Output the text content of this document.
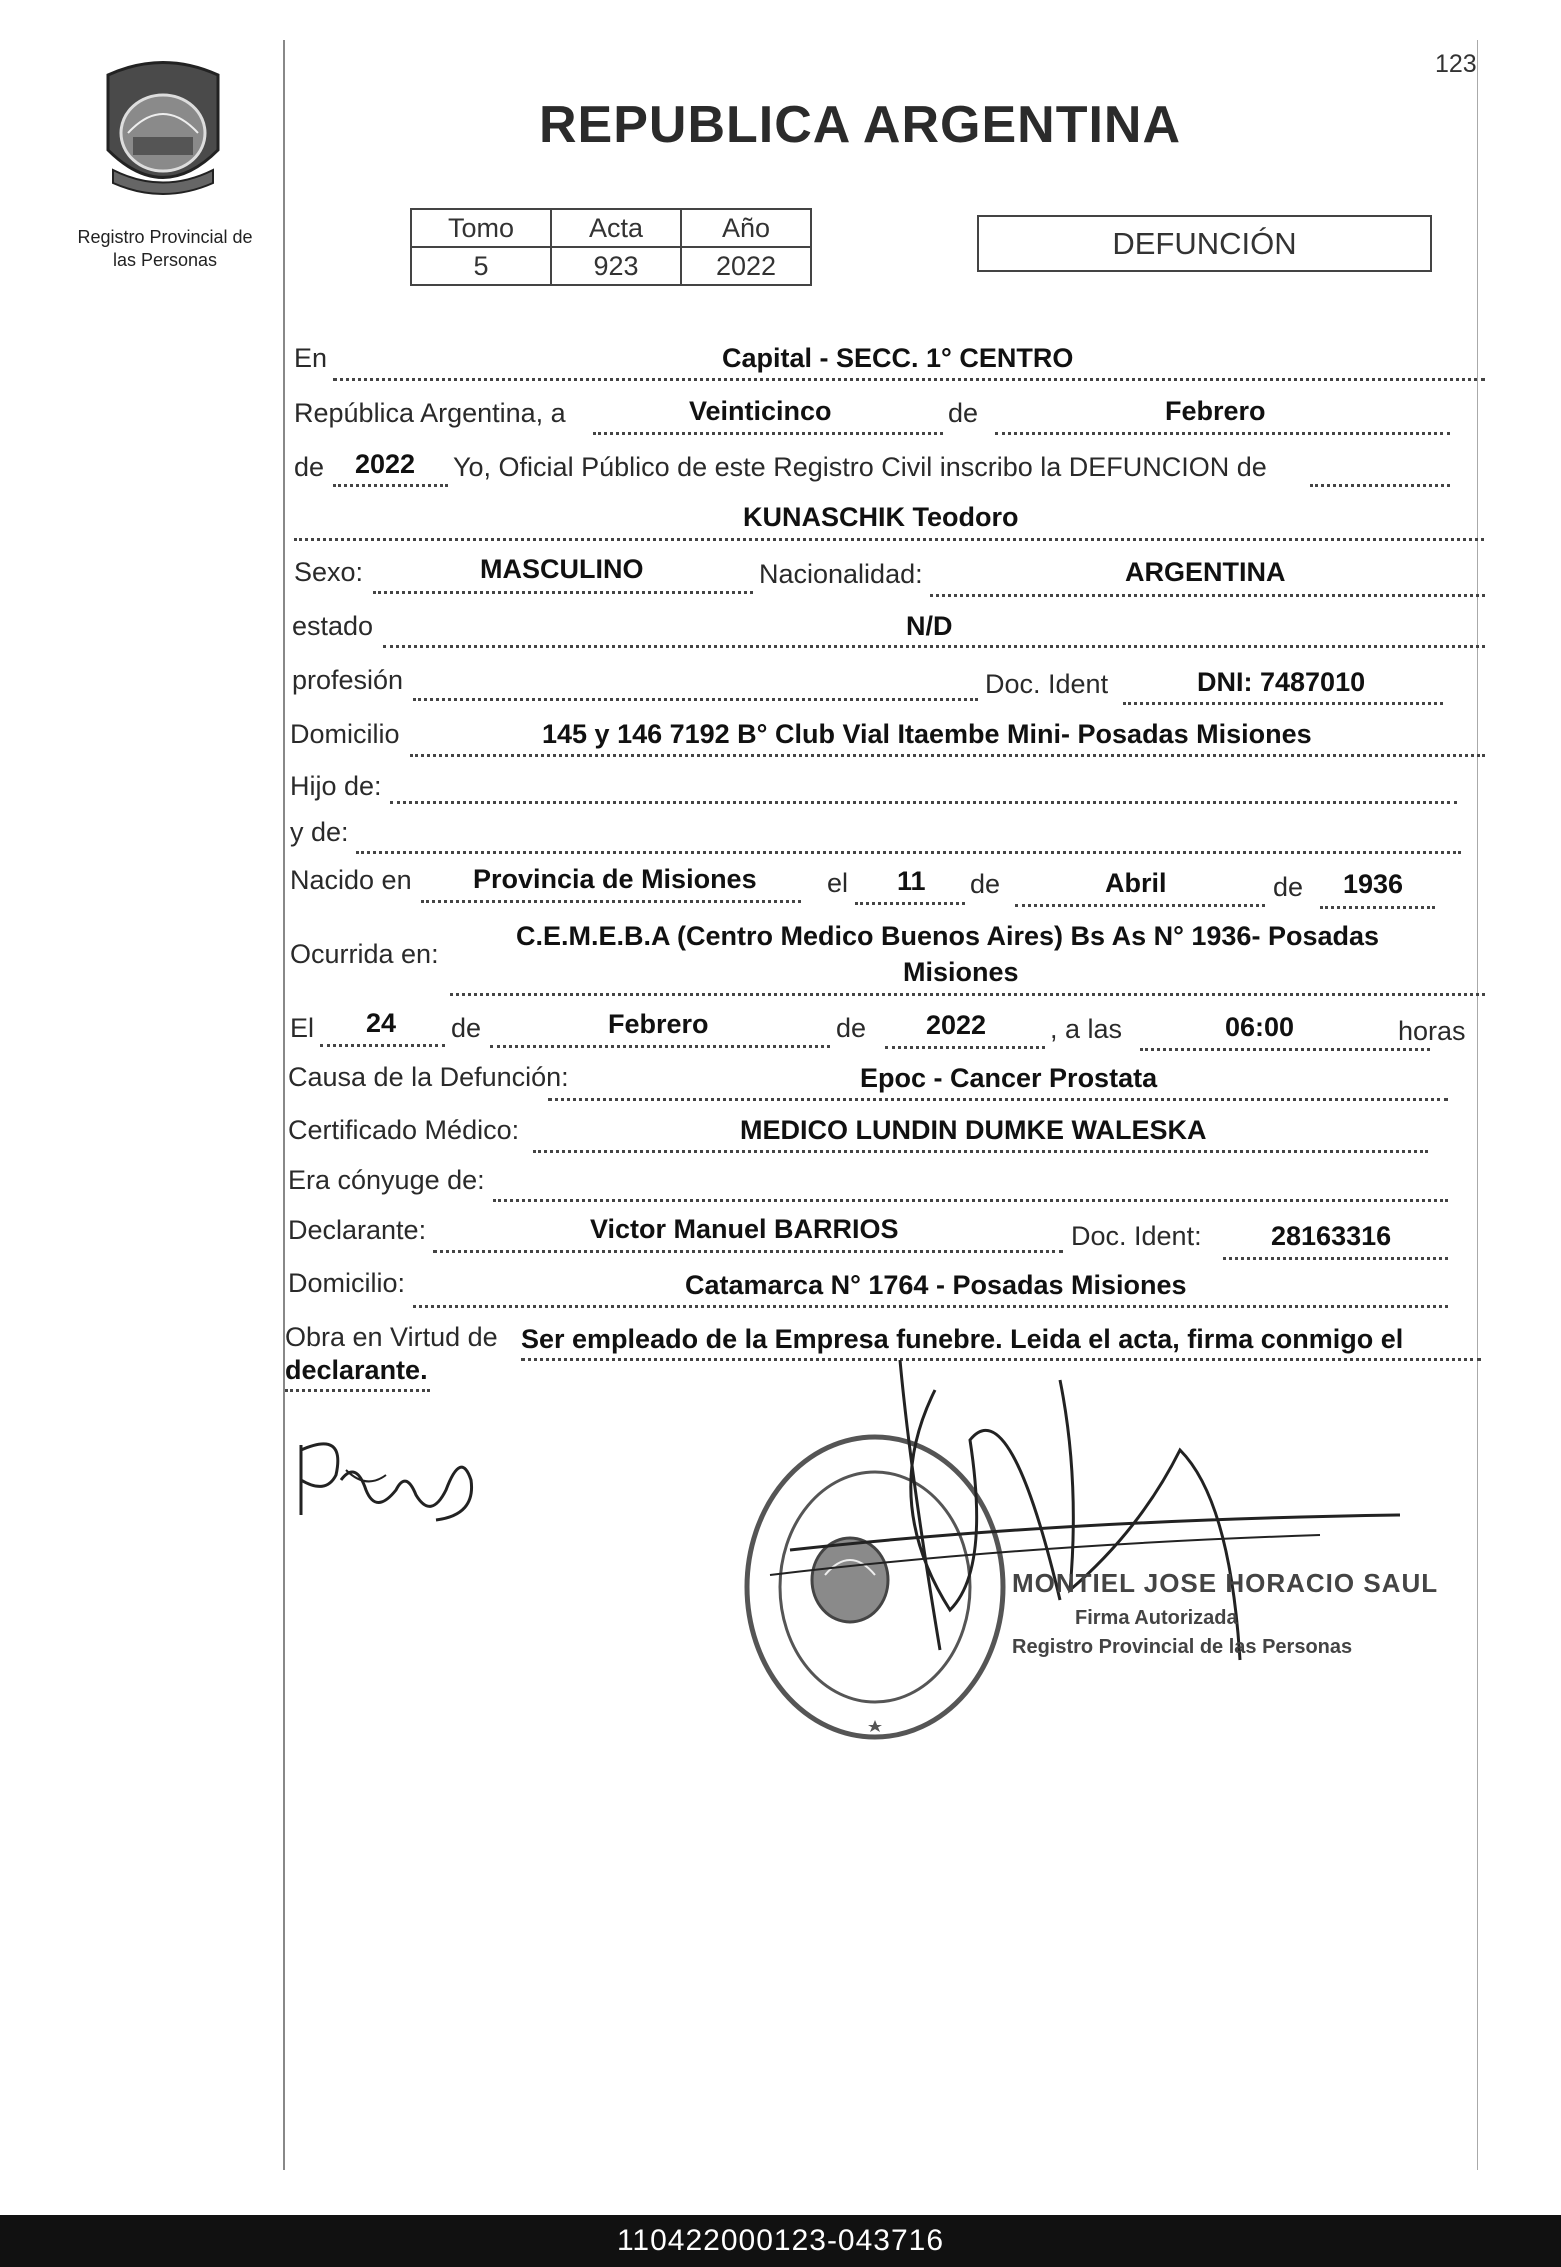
Registro Provincial de
las Personas
123
REPUBLICA ARGENTINA
Tomo	Acta	Año
5	923	2022
DEFUNCIÓN
En	Capital - SECC. 1° CENTRO
República Argentina, a	Veinticinco	de	Febrero
de 2022 Yo, Oficial Público de este Registro Civil inscribo la DEFUNCION de
KUNASCHIK Teodoro
Sexo:	MASCULINO	Nacionalidad:	ARGENTINA
estado	N/D
profesión	Doc. Ident	DNI: 7487010
Domicilio	145 y 146 7192 B° Club Vial Itaembe Mini- Posadas Misiones
Hijo de:
y de:
Nacido en Provincia de Misiones	el 11 de	Abril	de 1936
Ocurrida en:
C.E.M.E.B.A (Centro Medico Buenos Aires) Bs As N° 1936- Posadas
Misiones
El 24 de	Febrero	de 2022 , a las	06:00	horas
Causa de la Defunción:	Epoc - Cancer Prostata
Certificado Médico:	MEDICO LUNDIN DUMKE WALESKA
Era cónyuge de:
Declarante:	Victor Manuel BARRIOS	Doc. Ident:	28163316
Domicilio:	Catamarca N° 1764 - Posadas Misiones
Obra en Virtud de Ser empleado de la Empresa funebre. Leida el acta, firma conmigo el
declarante.
MONTIEL JOSE HORACIO SAUL
Firma Autorizada
Registro Provincial de las Personas
110422000123-043716
